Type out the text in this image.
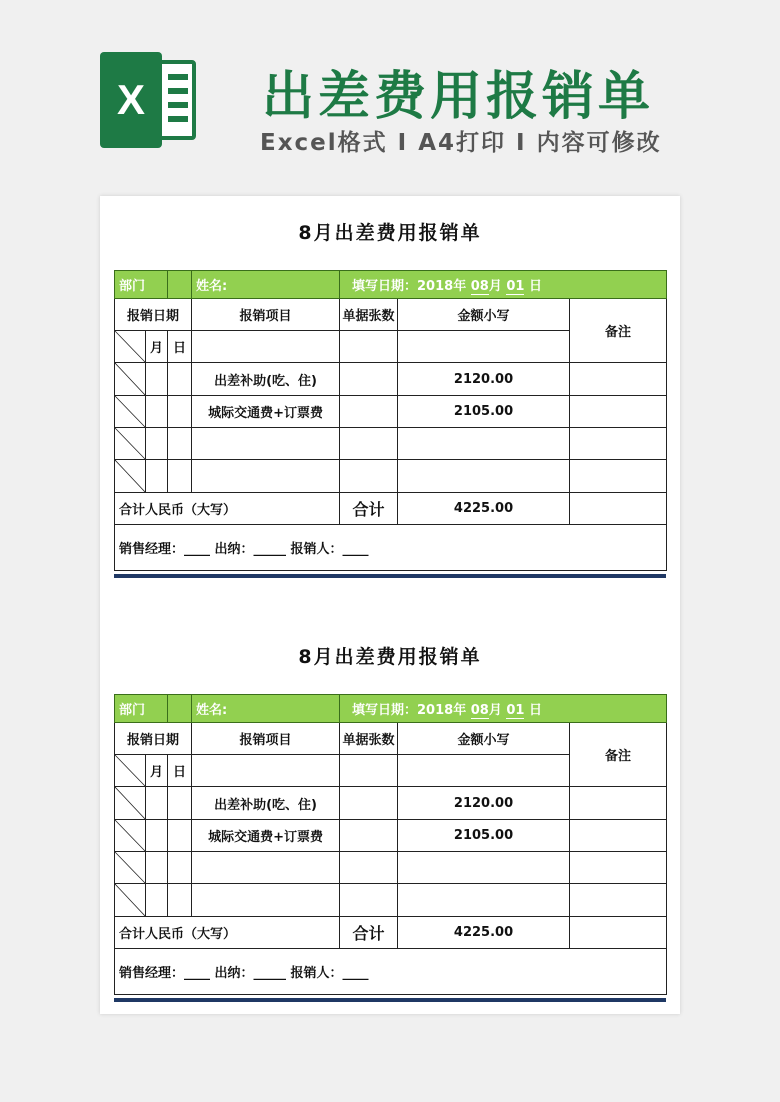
X	出差费用报销单
Excel格式 Ⅰ A4打印 Ⅰ 内容可修改
8月出差费用报销单
部门			姓名:	填写日期：2018年 08月 01 日		
报销日期			报销项目	单据张数	金额小写	备注

	月	日				

			出差补助(吃、住)		2120.00	

			城际交通费+订票费		2105.00	

合计人民币（大写）				合计	4225.00	
销售经理：____ 出纳：_____ 报销人：____						
8月出差费用报销单
部门			姓名:	填写日期：2018年 08月 01 日		
报销日期			报销项目	单据张数	金额小写	备注

	月	日				

			出差补助(吃、住)		2120.00	

			城际交通费+订票费		2105.00	

合计人民币（大写）				合计	4225.00	
销售经理：____ 出纳：_____ 报销人：____						
